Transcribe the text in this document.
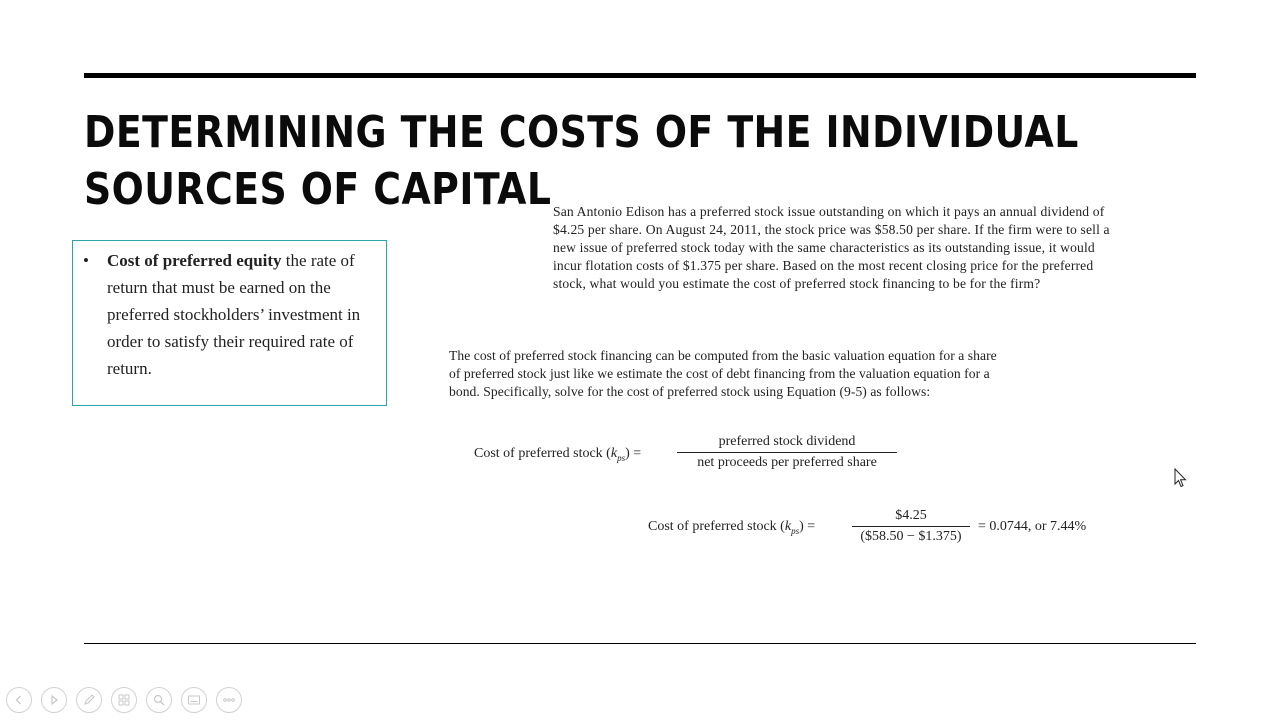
DETERMINING THE COSTS OF THE INDIVIDUAL
SOURCES OF CAPITAL
• Cost of preferred equity the rate of return that must be earned on the preferred stockholders’ investment in order to satisfy their required rate of return.
San Antonio Edison has a preferred stock issue outstanding on which it pays an annual dividend of $4.25 per share. On August 24, 2011, the stock price was $58.50 per share. If the firm were to sell a new issue of preferred stock today with the same characteristics as its outstanding issue, it would incur flotation costs of $1.375 per share. Based on the most recent closing price for the preferred stock, what would you estimate the cost of preferred stock financing to be for the firm?
The cost of preferred stock financing can be computed from the basic valuation equation for a share of preferred stock just like we estimate the cost of debt financing from the valuation equation for a bond. Specifically, solve for the cost of preferred stock using Equation (9-5) as follows:
Cost of preferred stock $(k_{ps})$ =
preferred stock dividend
net proceeds per preferred share
Cost of preferred stock $(k_{ps})$ =
$4.25
($58.50 − $1.375)
= 0.0744, or 7.44%
